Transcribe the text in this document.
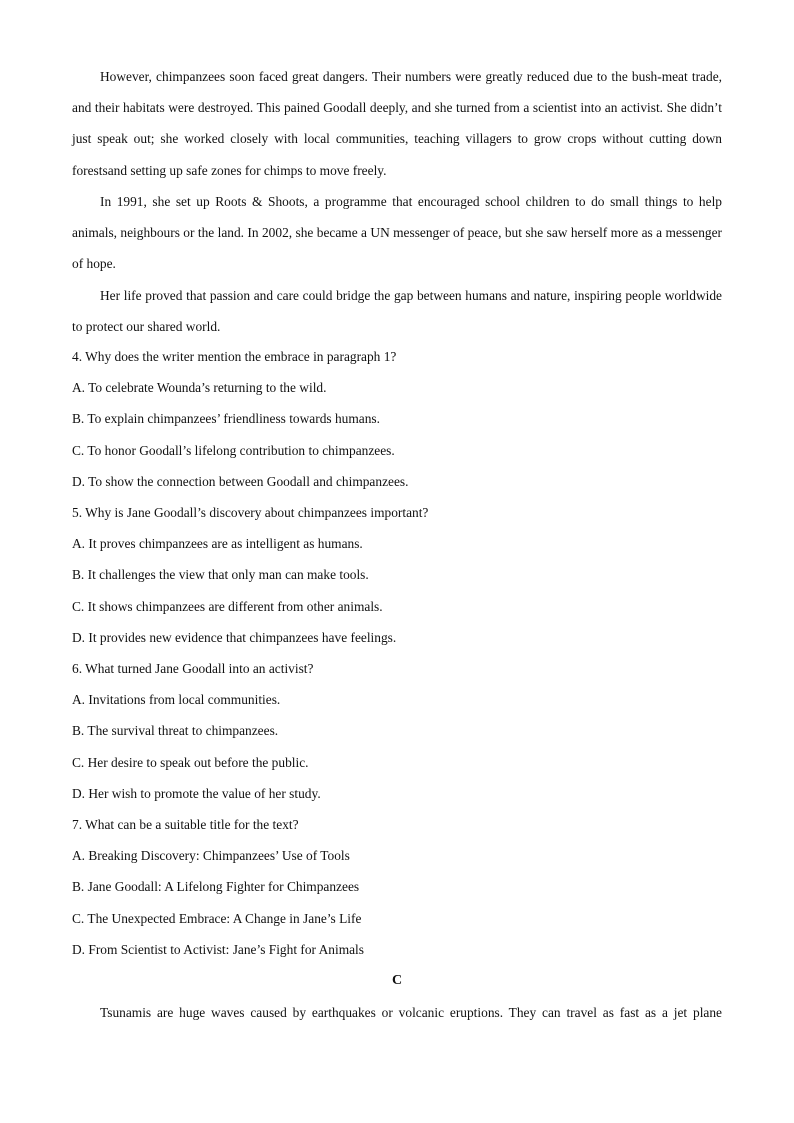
However, chimpanzees soon faced great dangers. Their numbers were greatly reduced due to the bush-meat trade, and their habitats were destroyed. This pained Goodall deeply, and she turned from a scientist into an activist. She didn’t just speak out; she worked closely with local communities, teaching villagers to grow crops without cutting down forestsand setting up safe zones for chimps to move freely.

In 1991, she set up Roots & Shoots, a programme that encouraged school children to do small things to help animals, neighbours or the land. In 2002, she became a UN messenger of peace, but she saw herself more as a messenger of hope.

Her life proved that passion and care could bridge the gap between humans and nature, inspiring people worldwide to protect our shared world.

4. Why does the writer mention the embrace in paragraph 1?

A. To celebrate Wounda’s returning to the wild.

B. To explain chimpanzees’ friendliness towards humans.

C. To honor Goodall’s lifelong contribution to chimpanzees.

D. To show the connection between Goodall and chimpanzees.

5. Why is Jane Goodall’s discovery about chimpanzees important?

A. It proves chimpanzees are as intelligent as humans.

B. It challenges the view that only man can make tools.

C. It shows chimpanzees are different from other animals.

D. It provides new evidence that chimpanzees have feelings.

6. What turned Jane Goodall into an activist?

A. Invitations from local communities.

B. The survival threat to chimpanzees.

C. Her desire to speak out before the public.

D. Her wish to promote the value of her study.

7. What can be a suitable title for the text?

A. Breaking Discovery: Chimpanzees’ Use of Tools

B. Jane Goodall: A Lifelong Fighter for Chimpanzees

C. The Unexpected Embrace: A Change in Jane’s Life

D. From Scientist to Activist: Jane’s Fight for Animals

C

Tsunamis are huge waves caused by earthquakes or volcanic eruptions. They can travel as fast as a jet plane
